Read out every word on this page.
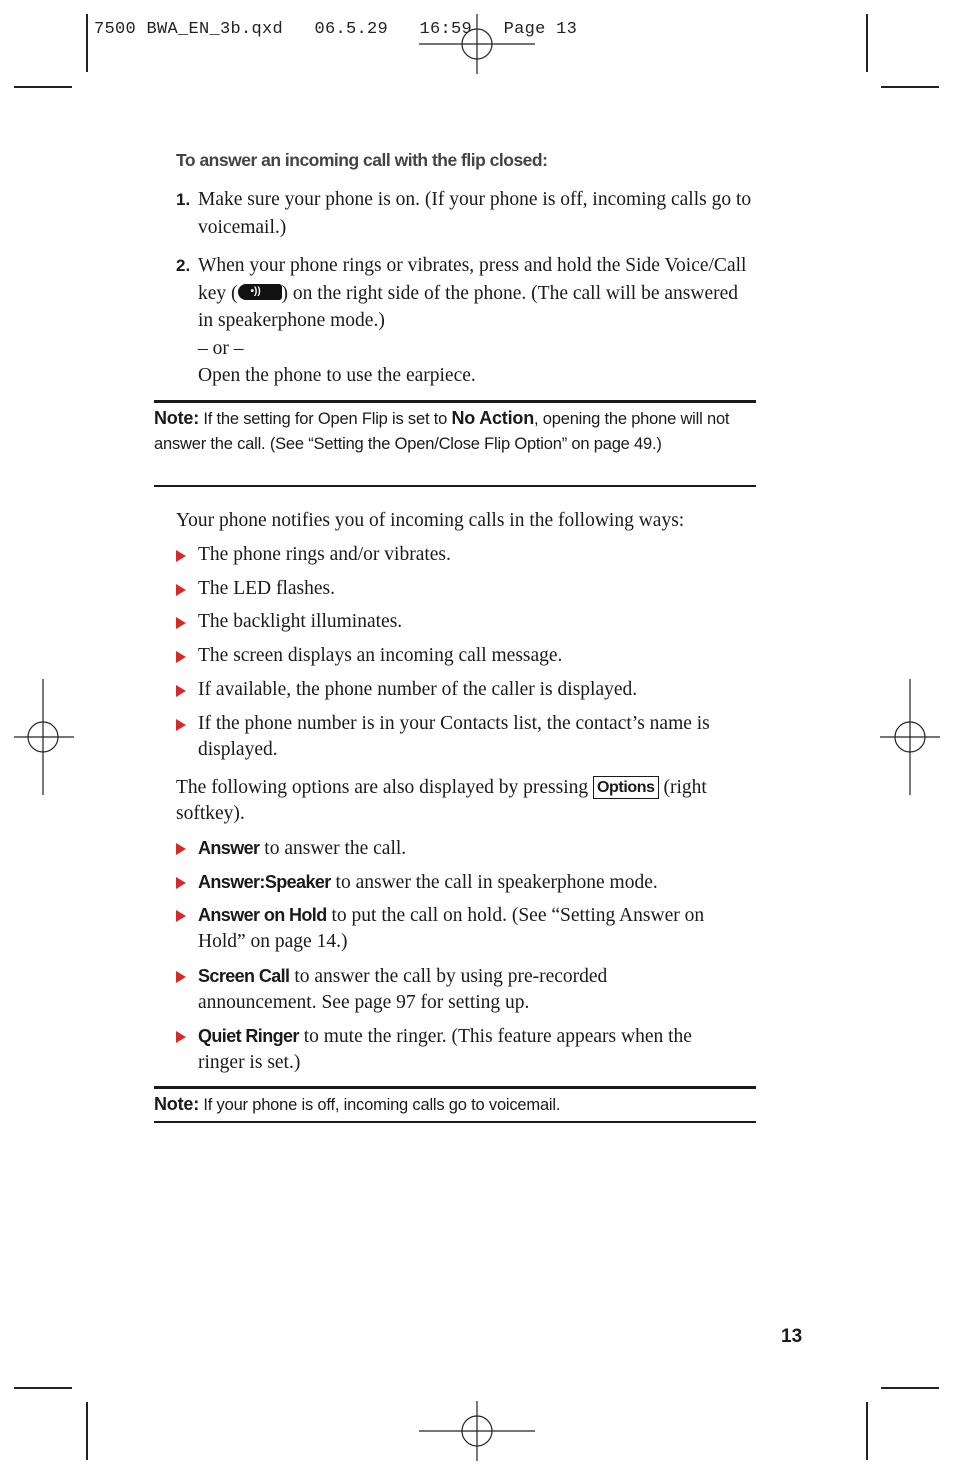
7500 BWA_EN_3b.qxd   06.5.29   16:59   Page 13
To answer an incoming call with the flip closed:
1. Make sure your phone is on. (If your phone is off, incoming calls go to voicemail.)
2. When your phone rings or vibrates, press and hold the Side Voice/Call key ( •)) ) on the right side of the phone. (The call will be answered in speakerphone mode.)
– or –
Open the phone to use the earpiece.
Note: If the setting for Open Flip is set to No Action, opening the phone will not answer the call. (See “Setting the Open/Close Flip Option” on page 49.)
Your phone notifies you of incoming calls in the following ways:
The phone rings and/or vibrates.
The LED flashes.
The backlight illuminates.
The screen displays an incoming call message.
If available, the phone number of the caller is displayed.
If the phone number is in your Contacts list, the contact’s name is displayed.
The following options are also displayed by pressing Options (right softkey).
Answer to answer the call.
Answer:Speaker to answer the call in speakerphone mode.
Answer on Hold to put the call on hold. (See “Setting Answer on Hold” on page 14.)
Screen Call to answer the call by using pre-recorded announcement. See page 97 for setting up.
Quiet Ringer to mute the ringer. (This feature appears when the ringer is set.)
Note: If your phone is off, incoming calls go to voicemail.
13
